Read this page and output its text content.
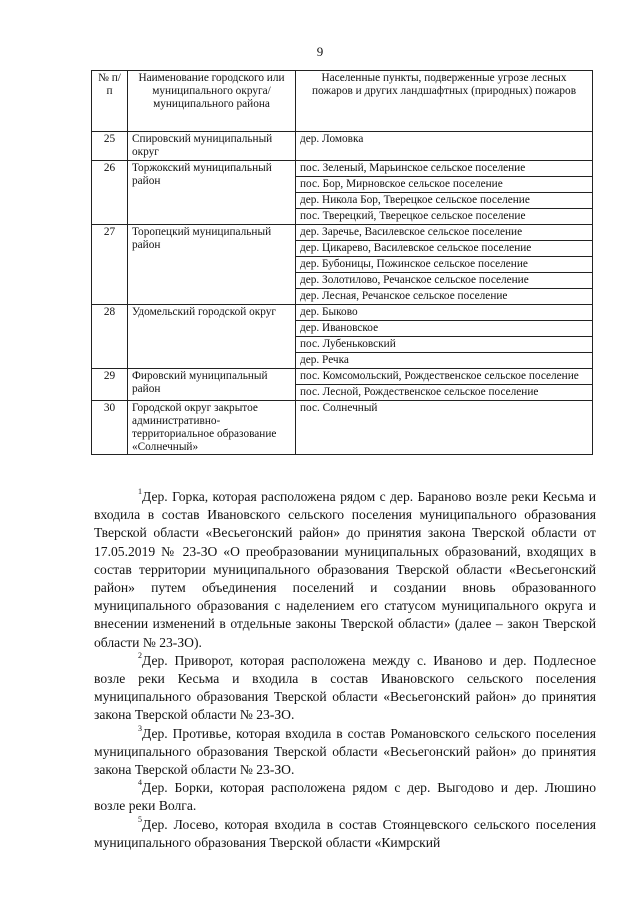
9
№ п/п	Наименование городского или муниципального округа/муниципального района	Населенные пункты, подверженные угрозе лесных пожаров и других ландшафтных (природных) пожаров
25	Спировский муниципальный округ	дер. Ломовка
26	Торжокский муниципальный район	пос. Зеленый, Марьинское сельское поселение
		пос. Бор, Мирновское сельское поселение
		дер. Никола Бор, Тверецкое сельское поселение
		пос. Тверецкий, Тверецкое сельское поселение
27	Торопецкий муниципальный район	дер. Заречье, Василевское сельское поселение
		дер. Цикарево, Василевское сельское поселение
		дер. Бубоницы, Пожинское сельское поселение
		дер. Золотилово, Речанское сельское поселение
		дер. Лесная, Речанское сельское поселение
28	Удомельский городской округ	дер. Быково
		дер. Ивановское
		пос. Лубеньковский
		дер. Речка
29	Фировский муниципальный район	пос. Комсомольский, Рождественское сельское поселение
		пос. Лесной, Рождественское сельское поселение
30	Городской округ закрытое административно-территориальное образование «Солнечный»	пос. Солнечный

$^1$Дер. Горка, которая расположена рядом с дер. Бараново возле реки Кесьма и входила в состав Ивановского сельского поселения муниципального образования Тверской области «Весьегонский район» до принятия закона Тверской области от 17.05.2019 № 23-ЗО «О преобразовании муниципальных образований, входящих в состав территории муниципального образования Тверской области «Весьегонский район» путем объединения поселений и создании вновь образованного муниципального образования с наделением его статусом муниципального округа и внесении изменений в отдельные законы Тверской области» (далее – закон Тверской области № 23-ЗО).

$^2$Дер. Приворот, которая расположена между с. Иваново и дер. Подлесное возле реки Кесьма и входила в состав Ивановского сельского поселения муниципального образования Тверской области «Весьегонский район» до принятия закона Тверской области № 23-ЗО.

$^3$Дер. Противье, которая входила в состав Романовского сельского поселения муниципального образования Тверской области «Весьегонский район» до принятия закона Тверской области № 23-ЗО.

$^4$Дер. Борки, которая расположена рядом с дер. Выгодово и дер. Люшино возле реки Волга.

$^5$Дер. Лосево, которая входила в состав Стоянцевского сельского поселения муниципального образования Тверской области «Кимрский
